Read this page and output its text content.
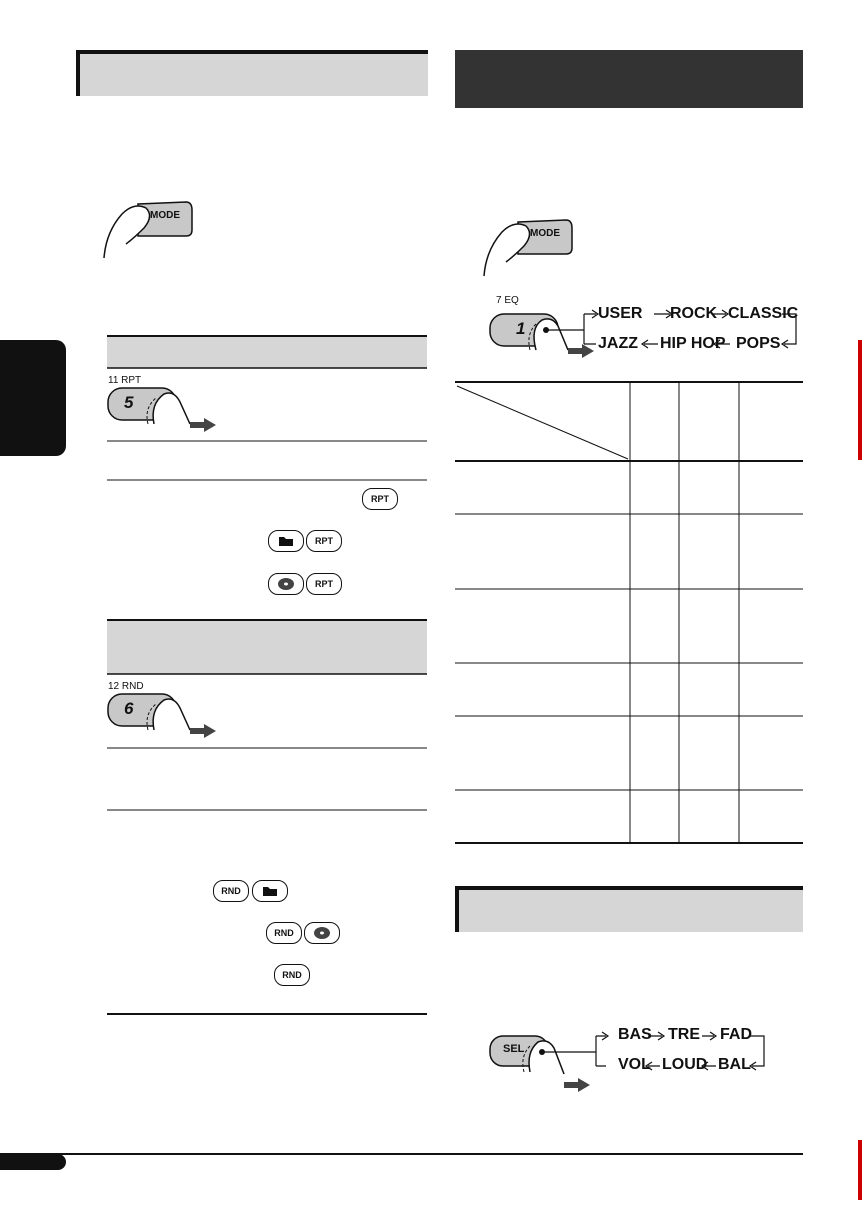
MODE
MODE
11 RPT
5
RPT
RPT
RPT
12 RND
6
RND
RND
RND
7 EQ
1
USER ROCK CLASSIC
JAZZ HIP HOP POPS
SEL
BAS TRE FAD
VOL LOUD BAL
